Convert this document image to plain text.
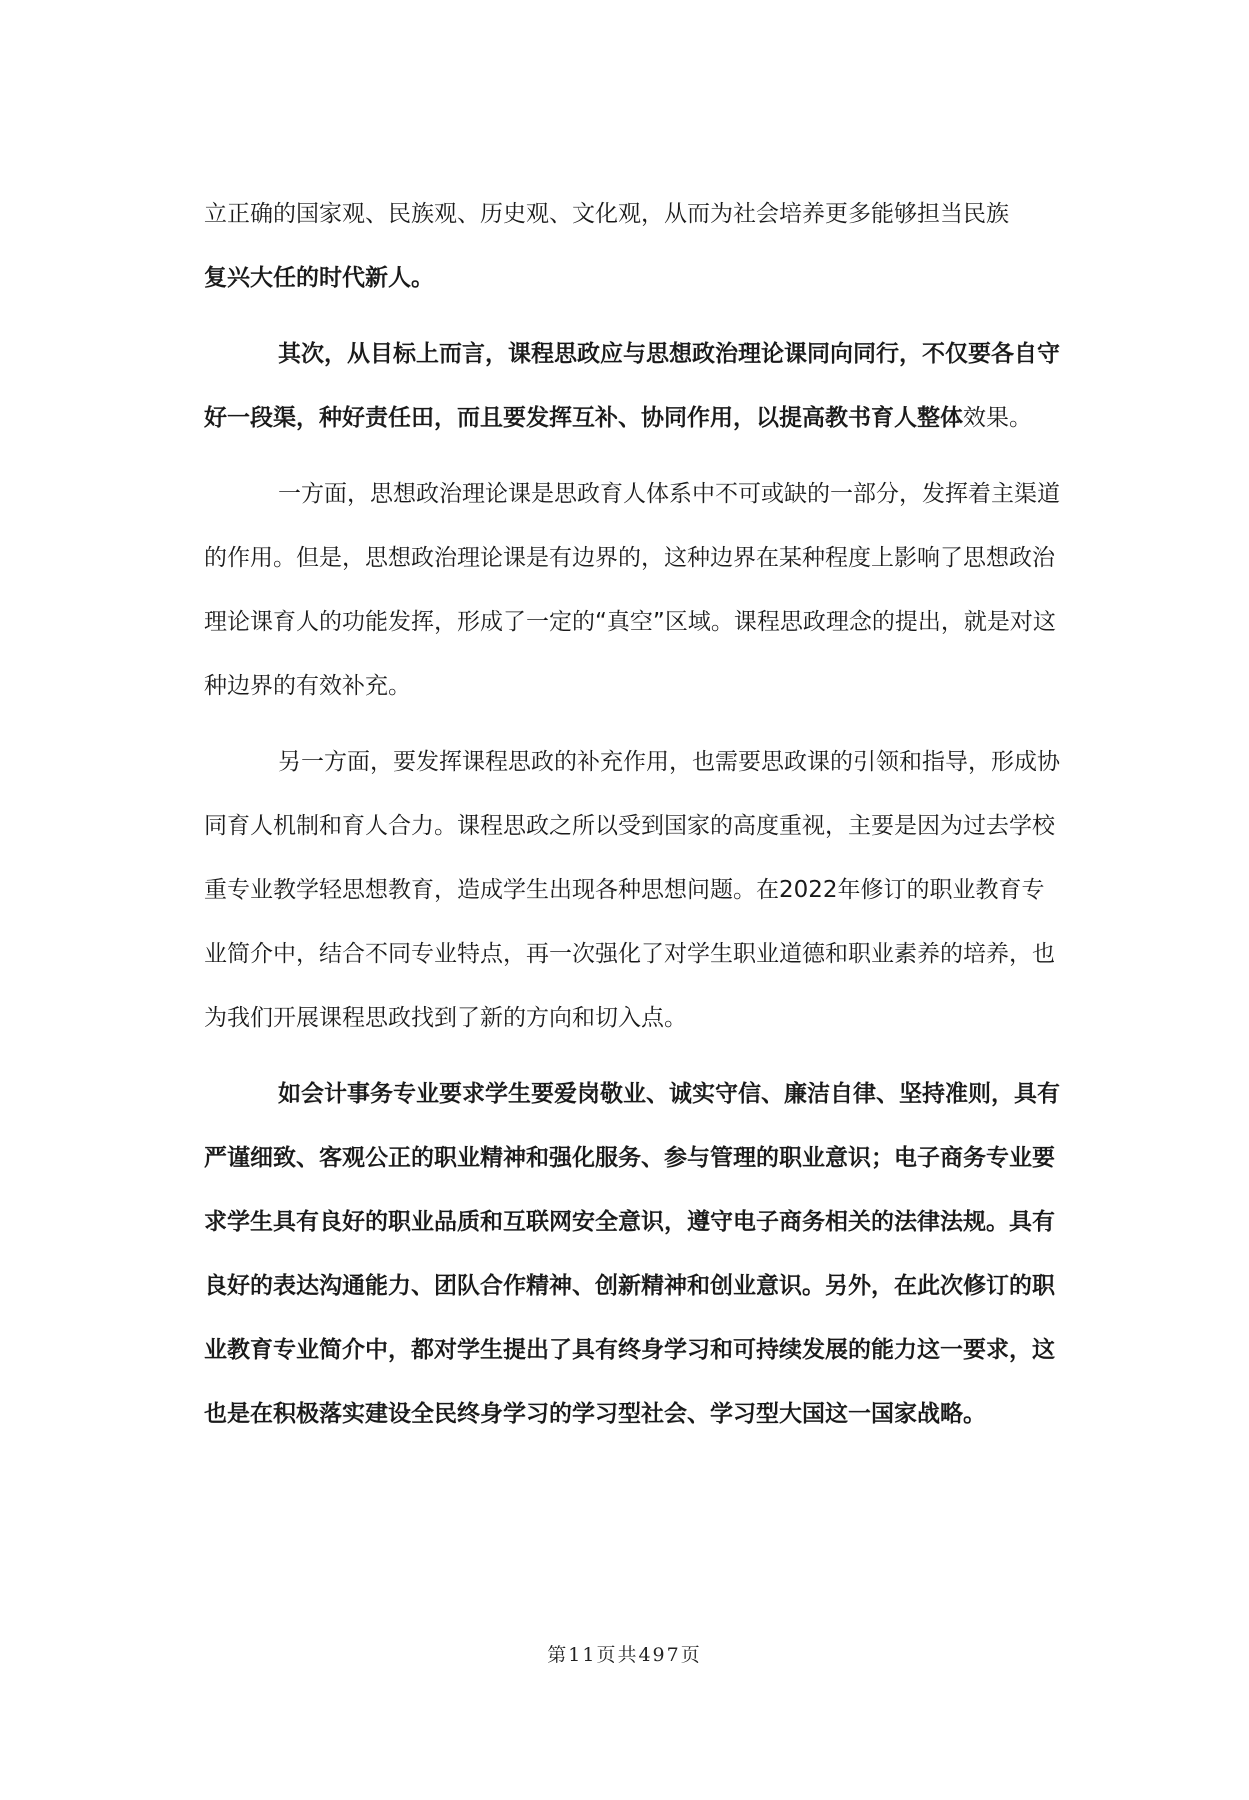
立正确的国家观、民族观、历史观、文化观，从而为社会培养更多能够担当民族
复兴大任的时代新人。

其次，从目标上而言，课程思政应与思想政治理论课同向同行，不仅要各自守好一段渠，种好责任田，而且要发挥互补、协同作用，以提高教书育人整体效果。

一方面，思想政治理论课是思政育人体系中不可或缺的一部分，发挥着主渠道的作用。但是，思想政治理论课是有边界的，这种边界在某种程度上影响了思想政治理论课育人的功能发挥，形成了一定的“真空”区域。课程思政理念的提出，就是对这种边界的有效补充。

另一方面，要发挥课程思政的补充作用，也需要思政课的引领和指导，形成协同育人机制和育人合力。课程思政之所以受到国家的高度重视，主要是因为过去学校重专业教学轻思想教育，造成学生出现各种思想问题。在2022年修订的职业教育专业简介中，结合不同专业特点，再一次强化了对学生职业道德和职业素养的培养，也为我们开展课程思政找到了新的方向和切入点。

如会计事务专业要求学生要爱岗敬业、诚实守信、廉洁自律、坚持准则，具有严谨细致、客观公正的职业精神和强化服务、参与管理的职业意识；电子商务专业要求学生具有良好的职业品质和互联网安全意识，遵守电子商务相关的法律法规。具有良好的表达沟通能力、团队合作精神、创新精神和创业意识。另外，在此次修订的职业教育专业简介中，都对学生提出了具有终身学习和可持续发展的能力这一要求，这也是在积极落实建设全民终身学习的学习型社会、学习型大国这一国家战略。

第11页共497页
